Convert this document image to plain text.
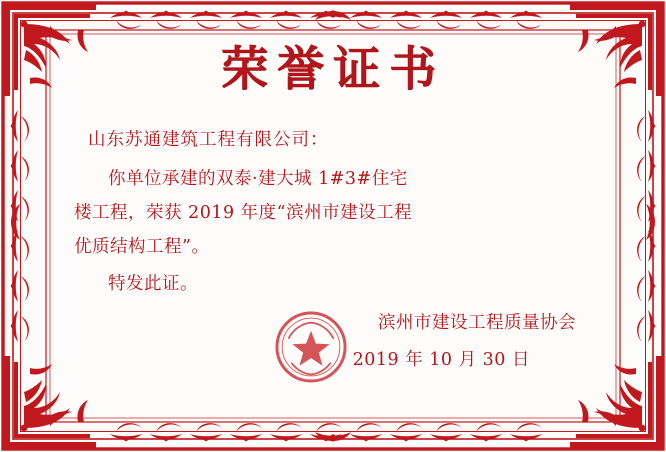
荣誉证书
山东苏通建筑工程有限公司：
你单位承建的双泰·建大城 1#3#住宅
楼工程，荣获 2019 年度“滨州市建设工程
优质结构工程”。
特发此证。
滨州市建设工程质量协会
2019 年 10 月 30 日
